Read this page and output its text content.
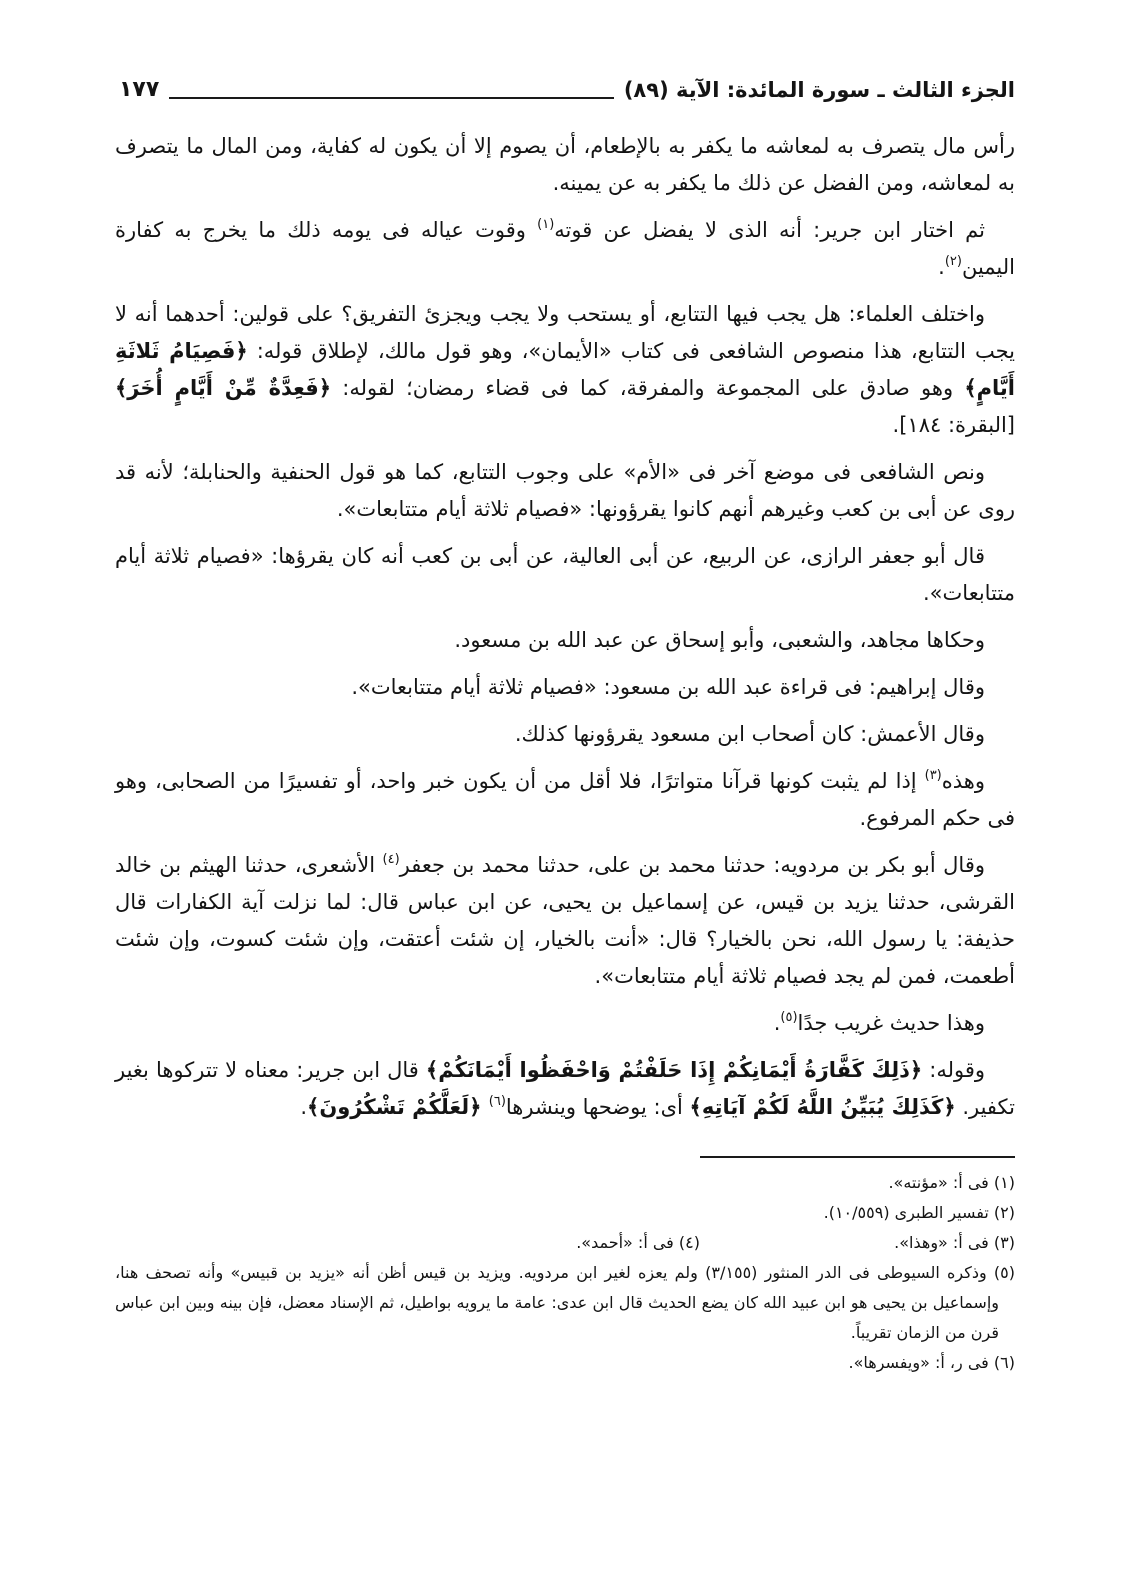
الجزء الثالث ـ سورة المائدة: الآية (٨٩)
١٧٧

رأس مال يتصرف به لمعاشه ما يكفر به بالإطعام، أن يصوم إلا أن يكون له كفاية، ومن المال ما يتصرف به لمعاشه، ومن الفضل عن ذلك ما يكفر به عن يمينه.

ثم اختار ابن جرير: أنه الذى لا يفضل عن قوته$^{(١)}$ وقوت عياله فى يومه ذلك ما يخرج به كفارة اليمين$^{(٢)}$.

واختلف العلماء: هل يجب فيها التتابع، أو يستحب ولا يجب ويجزئ التفريق؟ على قولين: أحدهما أنه لا يجب التتابع، هذا منصوص الشافعى فى كتاب «الأيمان»، وهو قول مالك، لإطلاق قوله: ﴿فَصِيَامُ ثَلاثَةِ أَيَّامٍ﴾ وهو صادق على المجموعة والمفرقة، كما فى قضاء رمضان؛ لقوله: ﴿فَعِدَّةٌ مِّنْ أَيَّامٍ أُخَرَ﴾ [البقرة: ١٨٤].

ونص الشافعى فى موضع آخر فى «الأم» على وجوب التتابع، كما هو قول الحنفية والحنابلة؛ لأنه قد روى عن أبى بن كعب وغيرهم أنهم كانوا يقرؤونها: «فصيام ثلاثة أيام متتابعات».

قال أبو جعفر الرازى، عن الربيع، عن أبى العالية، عن أبى بن كعب أنه كان يقرؤها: «فصيام ثلاثة أيام متتابعات».

وحكاها مجاهد، والشعبى، وأبو إسحاق عن عبد الله بن مسعود.

وقال إبراهيم: فى قراءة عبد الله بن مسعود: «فصيام ثلاثة أيام متتابعات».

وقال الأعمش: كان أصحاب ابن مسعود يقرؤونها كذلك.

وهذه$^{(٣)}$ إذا لم يثبت كونها قرآنا متواترًا، فلا أقل من أن يكون خبر واحد، أو تفسيرًا من الصحابى، وهو فى حكم المرفوع.

وقال أبو بكر بن مردويه: حدثنا محمد بن على، حدثنا محمد بن جعفر$^{(٤)}$ الأشعرى، حدثنا الهيثم بن خالد القرشى، حدثنا يزيد بن قيس، عن إسماعيل بن يحيى، عن ابن عباس قال: لما نزلت آية الكفارات قال حذيفة: يا رسول الله، نحن بالخيار؟ قال: «أنت بالخيار، إن شئت أعتقت، وإن شئت كسوت، وإن شئت أطعمت، فمن لم يجد فصيام ثلاثة أيام متتابعات».

وهذا حديث غريب جدًا$^{(٥)}$.

وقوله: ﴿ذَلِكَ كَفَّارَةُ أَيْمَانِكُمْ إِذَا حَلَفْتُمْ وَاحْفَظُوا أَيْمَانَكُمْ﴾ قال ابن جرير: معناه لا تتركوها بغير تكفير. ﴿كَذَلِكَ يُبَيِّنُ اللَّهُ لَكُمْ آيَاتِهِ﴾ أى: يوضحها وينشرها$^{(٦)}$ ﴿لَعَلَّكُمْ تَشْكُرُونَ﴾.

(١) فى أ: «مؤنته».

(٢) تفسير الطبرى (١٠/٥٥٩).

(٣) فى أ: «وهذا».
(٤) فى أ: «أحمد».

(٥) وذكره السيوطى فى الدر المنثور (٣/١٥٥) ولم يعزه لغير ابن مردويه. ويزيد بن قيس أظن أنه «يزيد بن قبيس» وأنه تصحف هنا، وإسماعيل بن يحيى هو ابن عبيد الله كان يضع الحديث قال ابن عدى: عامة ما يرويه بواطيل، ثم الإسناد معضل، فإن بينه وبين ابن عباس قرن من الزمان تقريباً.

(٦) فى ر، أ: «ويفسرها».
